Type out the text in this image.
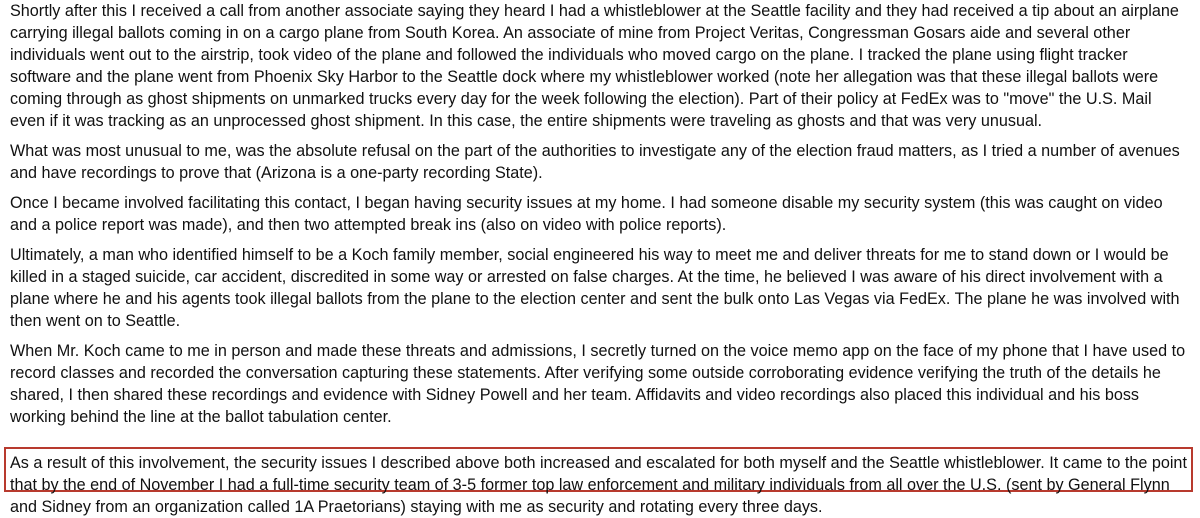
Shortly after this I received a call from another associate saying they heard I had a whistleblower at the Seattle facility and they had received a tip about an airplane carrying illegal ballots coming in on a cargo plane from South Korea. An associate of mine from Project Veritas, Congressman Gosars aide and several other individuals went out to the airstrip, took video of the plane and followed the individuals who moved cargo on the plane. I tracked the plane using flight tracker software and the plane went from Phoenix Sky Harbor to the Seattle dock where my whistleblower worked (note her allegation was that these illegal ballots were coming through as ghost shipments on unmarked trucks every day for the week following the election). Part of their policy at FedEx was to "move" the U.S. Mail even if it was tracking as an unprocessed ghost shipment. In this case, the entire shipments were traveling as ghosts and that was very unusual.

What was most unusual to me, was the absolute refusal on the part of the authorities to investigate any of the election fraud matters, as I tried a number of avenues and have recordings to prove that (Arizona is a one-party recording State).

Once I became involved facilitating this contact, I began having security issues at my home. I had someone disable my security system (this was caught on video and a police report was made), and then two attempted break ins (also on video with police reports).

Ultimately, a man who identified himself to be a Koch family member, social engineered his way to meet me and deliver threats for me to stand down or I would be killed in a staged suicide, car accident, discredited in some way or arrested on false charges. At the time, he believed I was aware of his direct involvement with a plane where he and his agents took illegal ballots from the plane to the election center and sent the bulk onto Las Vegas via FedEx. The plane he was involved with then went on to Seattle.

When Mr. Koch came to me in person and made these threats and admissions, I secretly turned on the voice memo app on the face of my phone that I have used to record classes and recorded the conversation capturing these statements. After verifying some outside corroborating evidence verifying the truth of the details he shared, I then shared these recordings and evidence with Sidney Powell and her team. Affidavits and video recordings also placed this individual and his boss working behind the line at the ballot tabulation center.

As a result of this involvement, the security issues I described above both increased and escalated for both myself and the Seattle whistleblower. It came to the point that by the end of November I had a full-time security team of 3-5 former top law enforcement and military individuals from all over the U.S. (sent by General Flynn and Sidney from an organization called 1A Praetorians) staying with me as security and rotating every three days.
